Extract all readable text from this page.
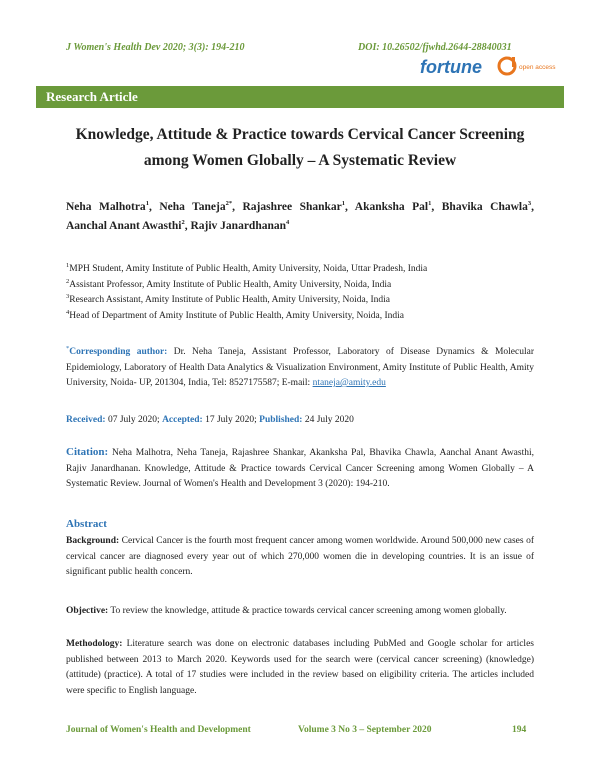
J Women's Health Dev 2020; 3(3): 194-210	DOI: 10.26502/fjwhd.2644-28840031
fortune	open access
Research Article
Knowledge, Attitude & Practice towards Cervical Cancer Screening
among Women Globally – A Systematic Review
Neha Malhotra$^1$, Neha Taneja$^{2*}$, Rajashree Shankar$^1$, Akanksha Pal$^1$, Bhavika Chawla$^3$, Aanchal Anant Awasthi$^2$, Rajiv Janardhanan$^4$
$^1$MPH Student, Amity Institute of Public Health, Amity University, Noida, Uttar Pradesh, India
$^2$Assistant Professor, Amity Institute of Public Health, Amity University, Noida, India
$^3$Research Assistant, Amity Institute of Public Health, Amity University, Noida, India
$^4$Head of Department of Amity Institute of Public Health, Amity University, Noida, India
*Corresponding author: Dr. Neha Taneja, Assistant Professor, Laboratory of Disease Dynamics & Molecular Epidemiology, Laboratory of Health Data Analytics & Visualization Environment, Amity Institute of Public Health, Amity University, Noida- UP, 201304, India, Tel: 8527175587; E-mail: ntaneja@amity.edu
Received: 07 July 2020; Accepted: 17 July 2020; Published: 24 July 2020
Citation: Neha Malhotra, Neha Taneja, Rajashree Shankar, Akanksha Pal, Bhavika Chawla, Aanchal Anant Awasthi, Rajiv Janardhanan. Knowledge, Attitude & Practice towards Cervical Cancer Screening among Women Globally – A Systematic Review. Journal of Women's Health and Development 3 (2020): 194-210.
Abstract
Background: Cervical Cancer is the fourth most frequent cancer among women worldwide. Around 500,000 new cases of cervical cancer are diagnosed every year out of which 270,000 women die in developing countries. It is an issue of significant public health concern.
Objective: To review the knowledge, attitude & practice towards cervical cancer screening among women globally.
Methodology: Literature search was done on electronic databases including PubMed and Google scholar for articles published between 2013 to March 2020. Keywords used for the search were (cervical cancer screening) (knowledge) (attitude) (practice). A total of 17 studies were included in the review based on eligibility criteria. The articles included were specific to English language.
Journal of Women's Health and Development	Volume 3 No 3 – September 2020	194
